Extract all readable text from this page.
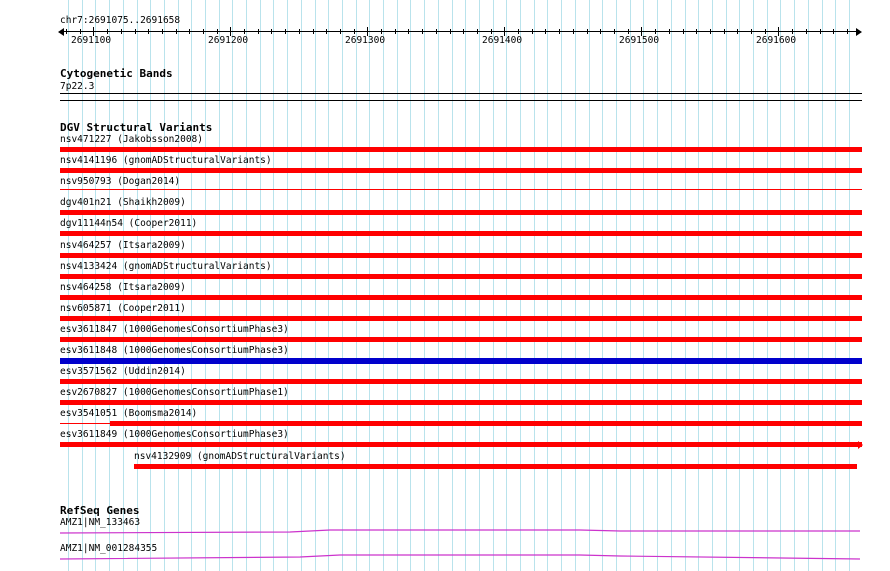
chr7:2691075..2691658
2691100	2691200	2691300	2691400	2691500	2691600
Cytogenetic Bands
7p22.3
DGV Structural Variants
nsv471227 (Jakobsson2008)
nsv4141196 (gnomADStructuralVariants)
nsv950793 (Dogan2014)
dgv401n21 (Shaikh2009)
dgv11144n54 (Cooper2011)
nsv464257 (Itsara2009)
nsv4133424 (gnomADStructuralVariants)
nsv464258 (Itsara2009)
nsv605871 (Cooper2011)
esv3611847 (1000GenomesConsortiumPhase3)
esv3611848 (1000GenomesConsortiumPhase3)
esv3571562 (Uddin2014)
esv2670827 (1000GenomesConsortiumPhase1)
esv3541051 (Boomsma2014)
esv3611849 (1000GenomesConsortiumPhase3)
nsv4132909 (gnomADStructuralVariants)
RefSeq Genes
AMZ1|NM_133463
AMZ1|NM_001284355
